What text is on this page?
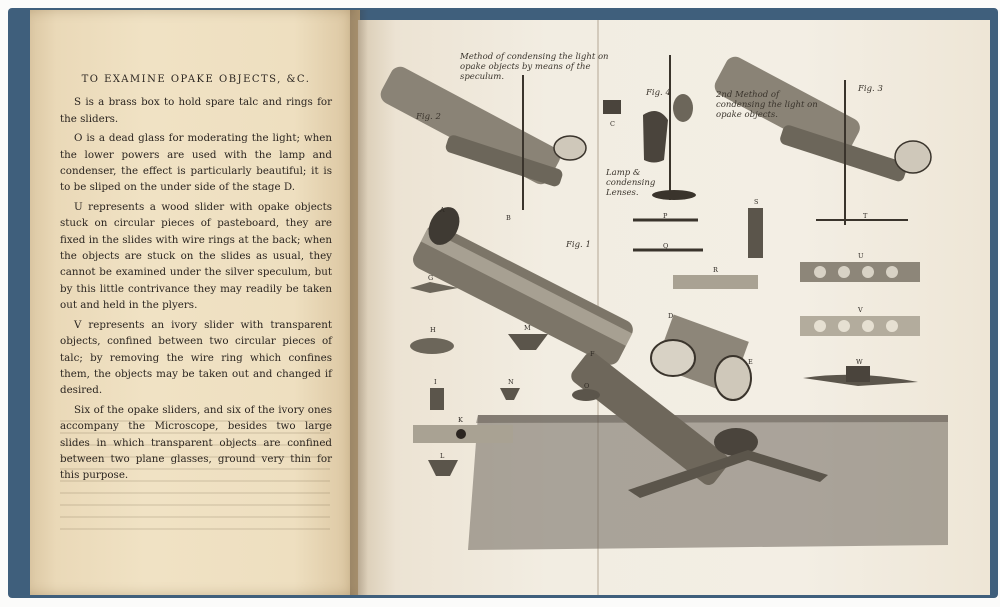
TO EXAMINE OPAKE OBJECTS, &C.

S is a brass box to hold spare talc and rings for the sliders.

O is a dead glass for moderating the light; when the lower powers are used with the lamp and condenser, the effect is particularly beautiful; it is to be sliped on the under side of the stage D.

U represents a wood slider with opake objects stuck on circular pieces of pasteboard, they are fixed in the slides with wire rings at the back; when the objects are stuck on the slides as usual, they cannot be examined under the silver speculum, but by this little contrivance they may readily be taken out and held in the plyers.

V represents an ivory slider with transparent objects, confined between two circular pieces of talc; by removing the wire ring which confines them, the objects may be taken out and changed if desired.

Six of the opake sliders, and six of the ivory ones accompany the Microscope, besides two large slides in which transparent objects are confined between two plane glasses, ground very thin for this purpose.

Method of condensing the light on opake objects by means of the speculum.
2nd Method of condensing the light on opake objects.
Lamp & condensing Lenses.
Fig. 2
Fig. 3
Fig. 4
Fig. 1
A
B
C
D
E
F
G
H
I
K
L
M
N	O
P
Q
R
S
T
U
V
W
